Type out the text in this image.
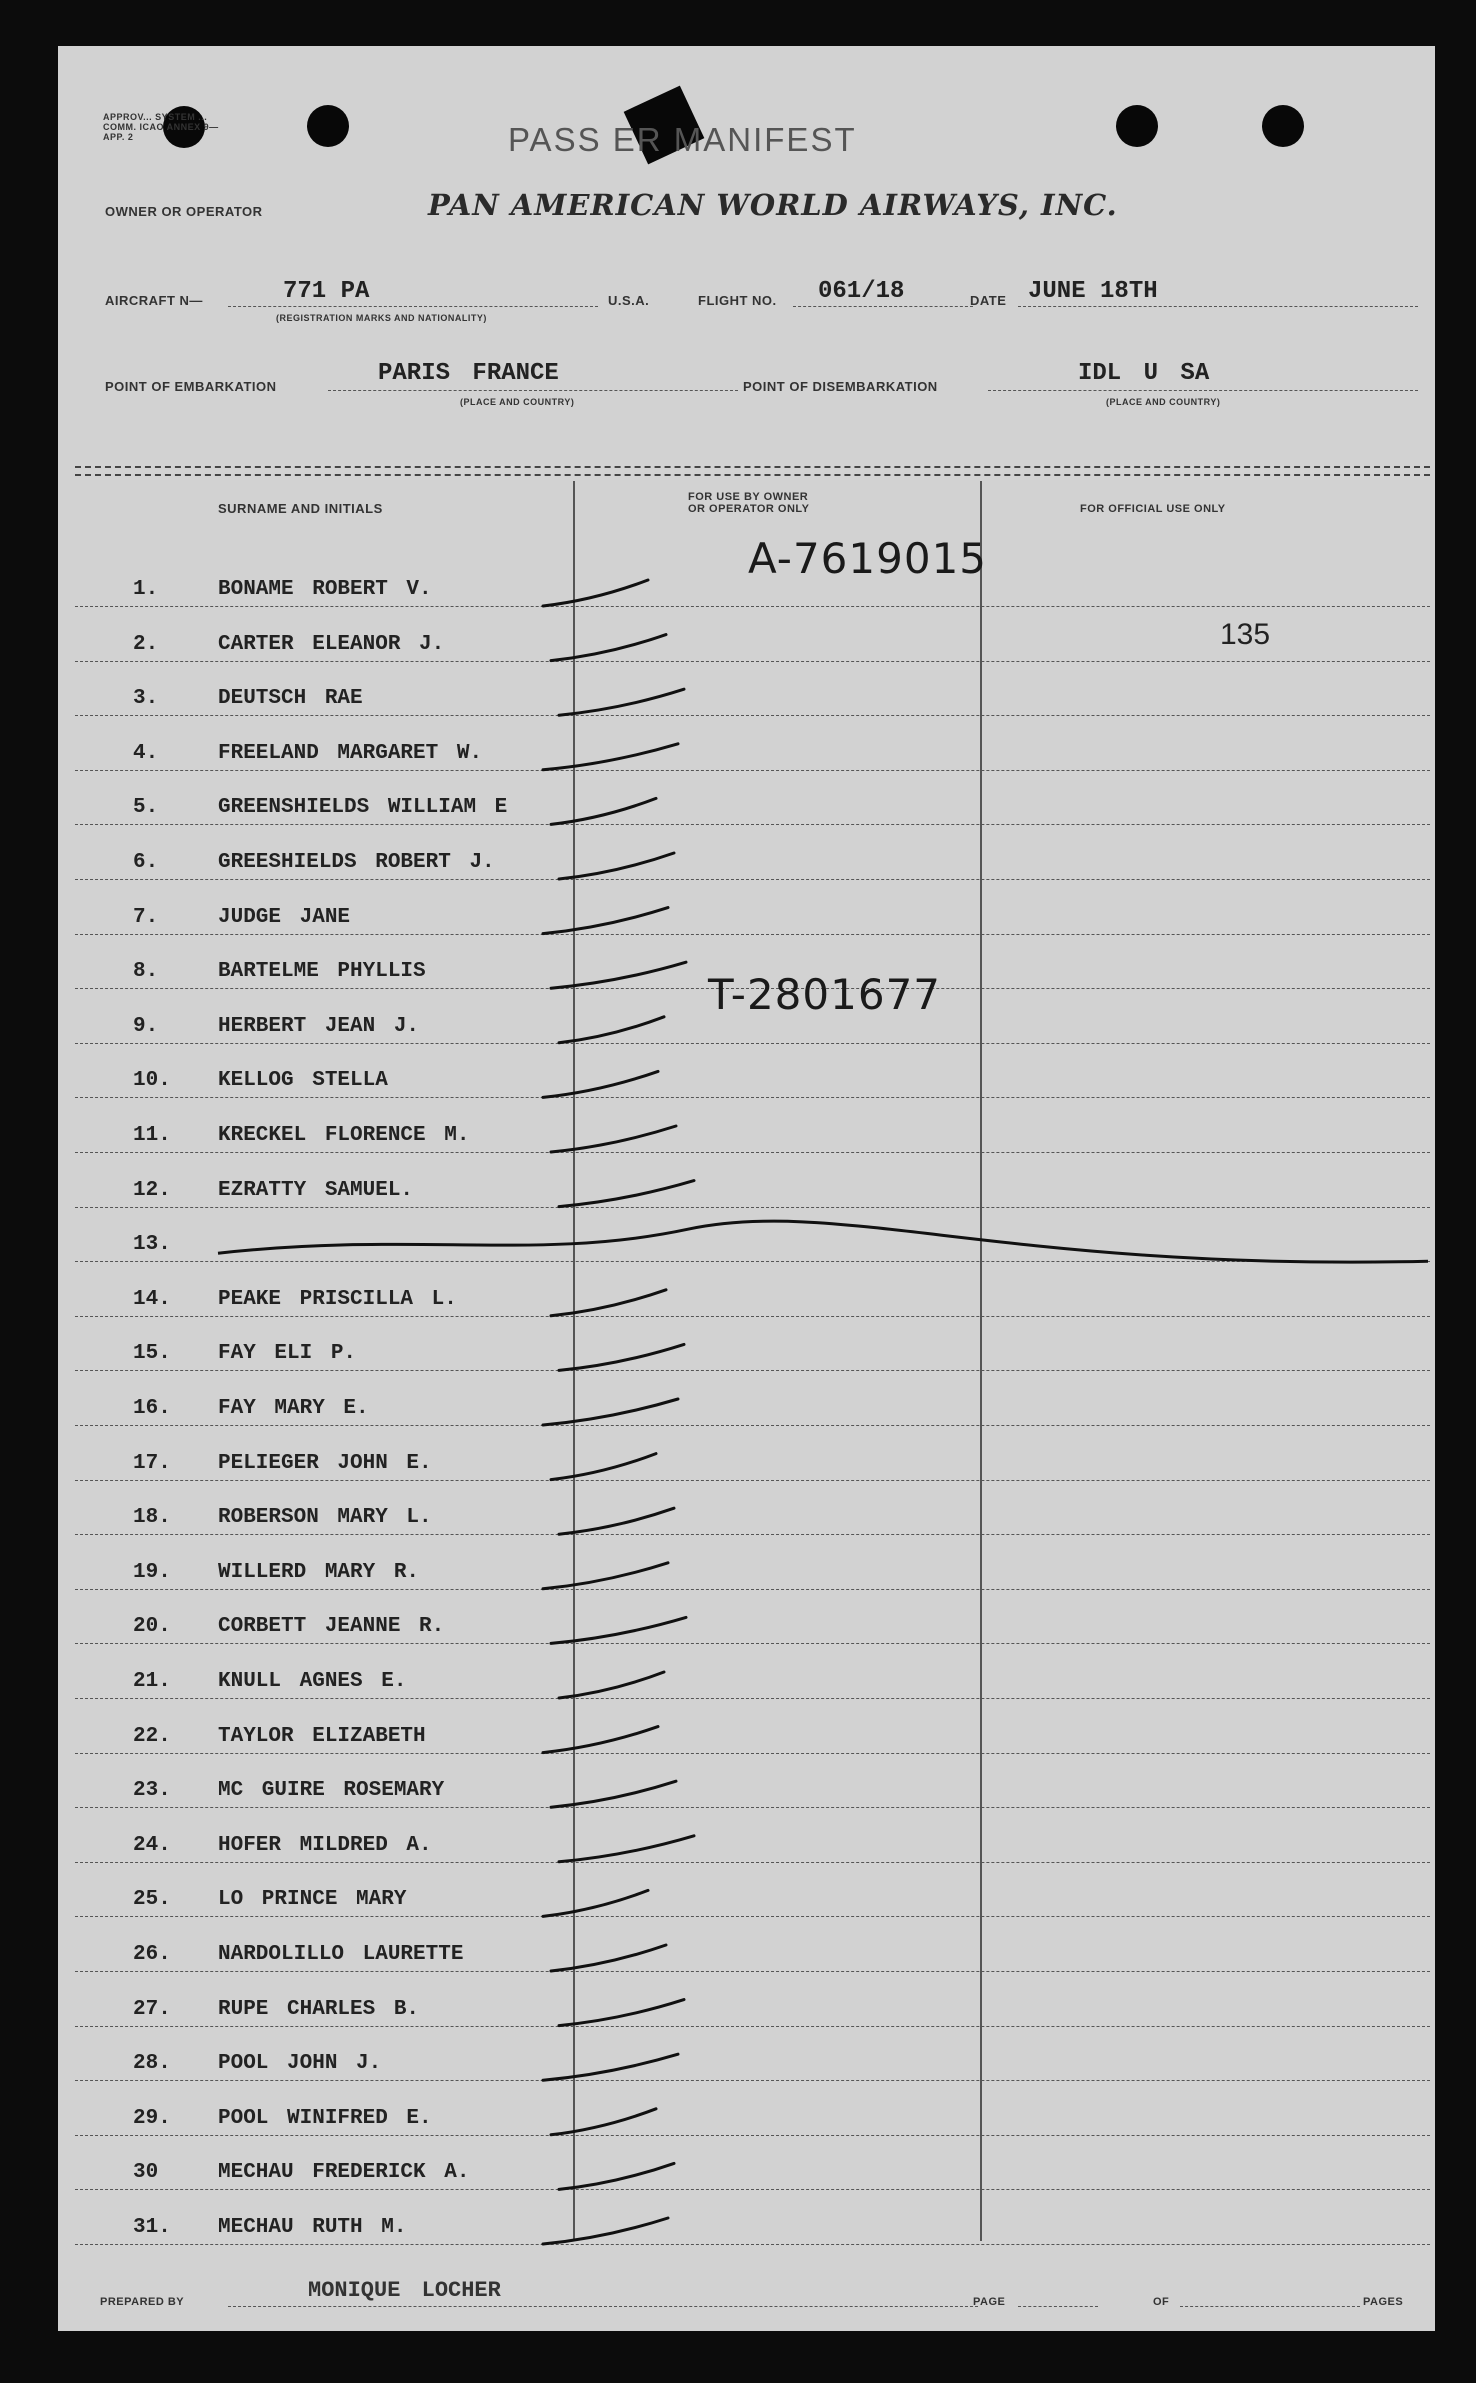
APPROV... SYSTEM ... COMM. ICAO ANNEX 9—APP. 2	PASS ER MANIFEST
OWNER OR OPERATOR	PAN AMERICAN WORLD AIRWAYS, INC.
AIRCRAFT N—	771 PA
(REGISTRATION MARKS AND NATIONALITY)
U.S.A.	FLIGHT NO. 061/18	DATE JUNE 18TH
POINT OF EMBARKATION	PARIS FRANCE
(PLACE AND COUNTRY)
POINT OF DISEMBARKATION	IDL U SA
(PLACE AND COUNTRY)
SURNAME AND INITIALS
FOR USE BY OWNER
OR OPERATOR ONLY	FOR OFFICIAL USE ONLY
1.	BONAME ROBERT V.
2.	CARTER ELEANOR J.
3.	DEUTSCH RAE
4.	FREELAND MARGARET W.
5.	GREENSHIELDS WILLIAM E
6.	GREESHIELDS ROBERT J.
7.	JUDGE JANE
8.	BARTELME PHYLLIS
9.	HERBERT JEAN J.
10.	KELLOG STELLA
11.	KRECKEL FLORENCE M.
12.	EZRATTY SAMUEL.
13.
14.	PEAKE PRISCILLA L.
15.	FAY ELI P.
16.	FAY MARY E.
17.	PELIEGER JOHN E.
18.	ROBERSON MARY L.
19.	WILLERD MARY R.
20.	CORBETT JEANNE R.
21.	KNULL AGNES E.
22.	TAYLOR ELIZABETH
23.	MC GUIRE ROSEMARY
24.	HOFER MILDRED A.
25.	LO PRINCE MARY
26.	NARDOLILLO LAURETTE
27.	RUPE CHARLES B.
28.	POOL JOHN J.
29.	POOL WINIFRED E.
30	MECHAU FREDERICK A.
31.	MECHAU RUTH M.
A-7619015
T-2801677
135
PREPARED BY	MONIQUE LOCHER	PAGE	OF	PAGES
